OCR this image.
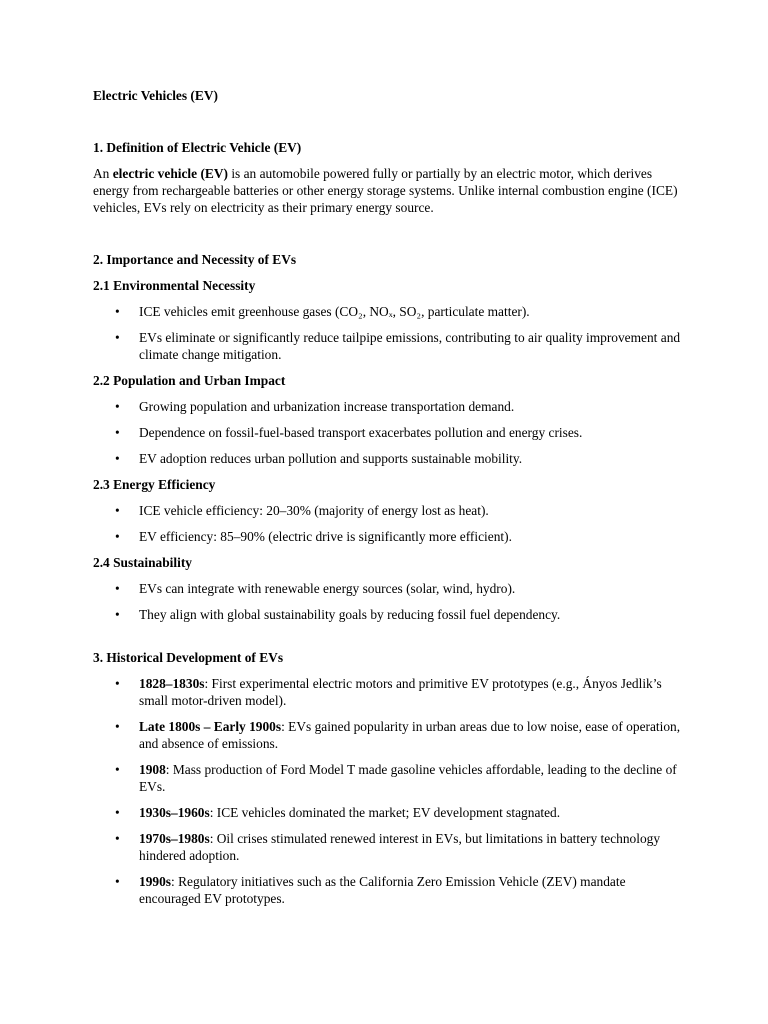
Electric Vehicles (EV)
1. Definition of Electric Vehicle (EV)

An electric vehicle (EV) is an automobile powered fully or partially by an electric motor, which derives energy from rechargeable batteries or other energy storage systems. Unlike internal combustion engine (ICE) vehicles, EVs rely on electricity as their primary energy source.

2. Importance and Necessity of EVs
2.1 Environmental Necessity
• ICE vehicles emit greenhouse gases (CO₂, NOₓ, SO₂, particulate matter).
• EVs eliminate or significantly reduce tailpipe emissions, contributing to air quality improvement and climate change mitigation.
2.2 Population and Urban Impact
• Growing population and urbanization increase transportation demand.
• Dependence on fossil-fuel-based transport exacerbates pollution and energy crises.
• EV adoption reduces urban pollution and supports sustainable mobility.
2.3 Energy Efficiency
• ICE vehicle efficiency: 20–30% (majority of energy lost as heat).
• EV efficiency: 85–90% (electric drive is significantly more efficient).
2.4 Sustainability
• EVs can integrate with renewable energy sources (solar, wind, hydro).
• They align with global sustainability goals by reducing fossil fuel dependency.
3. Historical Development of EVs
• 1828–1830s: First experimental electric motors and primitive EV prototypes (e.g., Ányos Jedlik’s small motor-driven model).
• Late 1800s – Early 1900s: EVs gained popularity in urban areas due to low noise, ease of operation, and absence of emissions.
• 1908: Mass production of Ford Model T made gasoline vehicles affordable, leading to the decline of EVs.
• 1930s–1960s: ICE vehicles dominated the market; EV development stagnated.
• 1970s–1980s: Oil crises stimulated renewed interest in EVs, but limitations in battery technology hindered adoption.
• 1990s: Regulatory initiatives such as the California Zero Emission Vehicle (ZEV) mandate encouraged EV prototypes.
